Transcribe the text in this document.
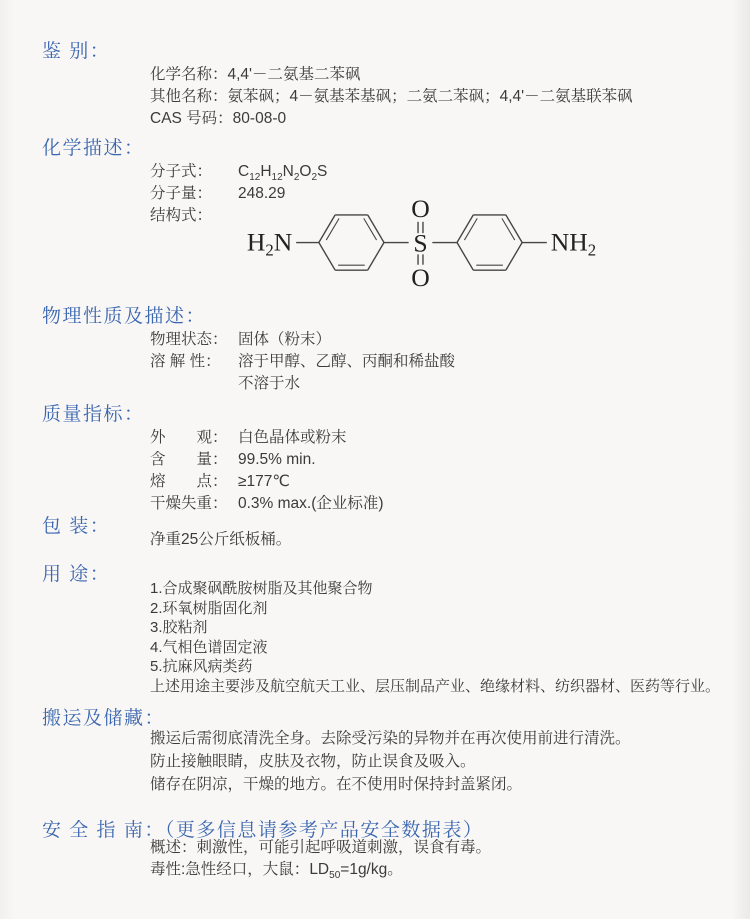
鉴 别：
化学名称：4,4'－二氨基二苯砜
其他名称：氨苯砜；4－氨基苯基砜；二氨二苯砜；4,4'－二氨基联苯砜
CAS 号码：80-08-0
化学描述：
分子式： $C_{12}H_{12}N_2O_2S$
分子量： 248.29
结构式：
H2N
O
S
O
NH2
物理性质及描述：
物理状态： 固体（粉末）
溶 解 性： 溶于甲醇、乙醇、丙酮和稀盐酸
不溶于水
质量指标：
外　　观： 白色晶体或粉末
含　　量： 99.5% min.
熔　　点： ≥177℃
干燥失重： 0.3% max.(企业标准)
包 装：
净重25公斤纸板桶。
用 途：
1.合成聚砜酰胺树脂及其他聚合物
2.环氧树脂固化剂
3.胶粘剂
4.气相色谱固定液
5.抗麻风病类药
上述用途主要涉及航空航天工业、层压制品产业、绝缘材料、纺织器材、医药等行业。
搬运及储藏：
搬运后需彻底清洗全身。去除受污染的异物并在再次使用前进行清洗。
防止接触眼睛，皮肤及衣物，防止误食及吸入。
储存在阴凉，干燥的地方。在不使用时保持封盖紧闭。
安 全 指 南：（更多信息请参考产品安全数据表）
概述：刺激性，可能引起呼吸道刺激，误食有毒。
毒性:急性经口，大鼠：$LD_{50}=1g/kg$。
